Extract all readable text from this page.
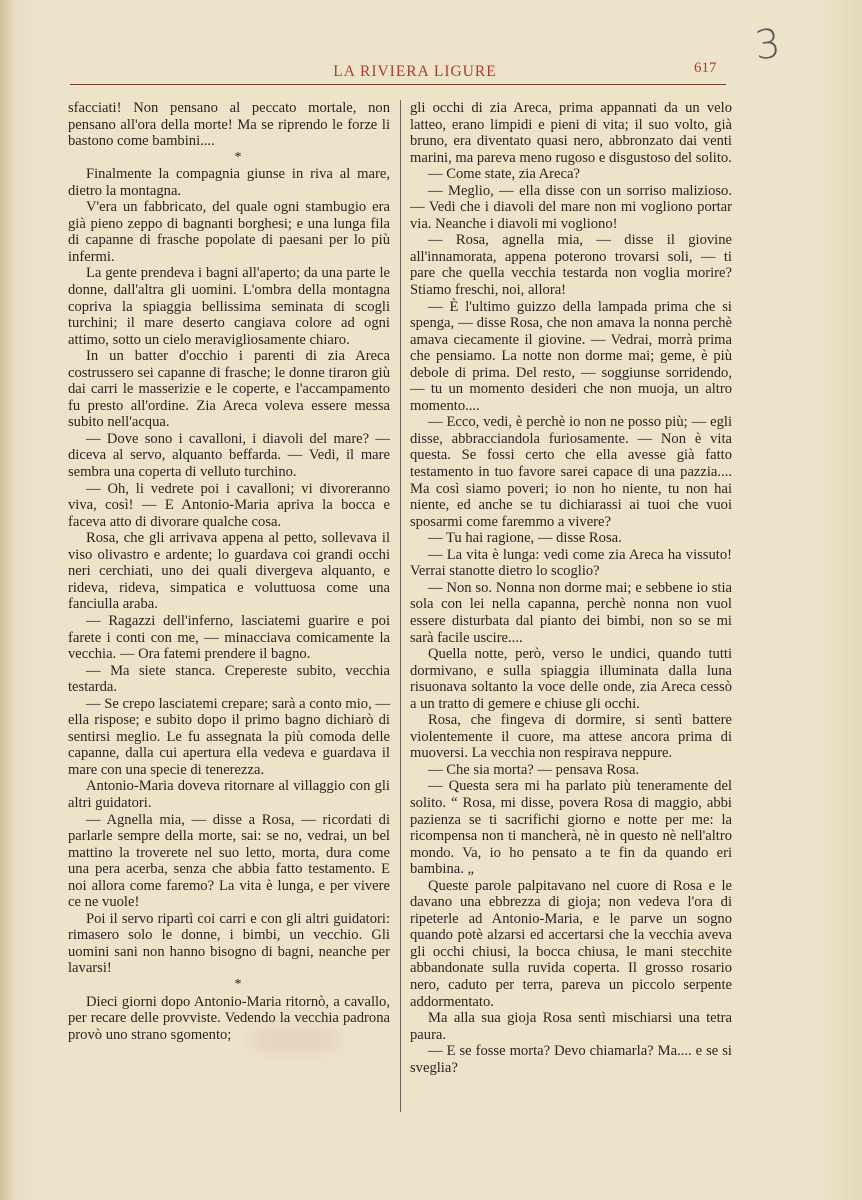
3
LA RIVIERA LIGURE	617

sfacciati! Non pensano al peccato mortale, non pensano all'ora della morte! Ma se riprendo le forze li bastono come bambini....

*

Finalmente la compagnia giunse in riva al mare, dietro la montagna.

V'era un fabbricato, del quale ogni stambugio era già pieno zeppo di bagnanti borghesi; e una lunga fila di capanne di frasche popolate di paesani per lo più infermi.

La gente prendeva i bagni all'aperto; da una parte le donne, dall'altra gli uomini. L'ombra della montagna copriva la spiaggia bellissima seminata di scogli turchini; il mare deserto cangiava colore ad ogni attimo, sotto un cielo meravigliosamente chiaro.

In un batter d'occhio i parenti di zia Areca costrussero sei capanne di frasche; le donne tiraron giù dai carri le masserizie e le coperte, e l'accampamento fu presto all'ordine. Zia Areca voleva essere messa subito nell'acqua.

— Dove sono i cavalloni, i diavoli del mare? — diceva al servo, alquanto beffarda. — Vedi, il mare sembra una coperta di velluto turchino.

— Oh, li vedrete poi i cavalloni; vi divoreranno viva, così! — E Antonio-Maria apriva la bocca e faceva atto di divorare qualche cosa.

Rosa, che gli arrivava appena al petto, sollevava il viso olivastro e ardente; lo guardava coi grandi occhi neri cerchiati, uno dei quali divergeva alquanto, e rideva, rideva, simpatica e voluttuosa come una fanciulla araba.

— Ragazzi dell'inferno, lasciatemi guarire e poi farete i conti con me, — minacciava comicamente la vecchia. — Ora fatemi prendere il bagno.

— Ma siete stanca. Crepereste subito, vecchia testarda.

— Se crepo lasciatemi crepare; sarà a conto mio, — ella rispose; e subito dopo il primo bagno dichiarò di sentirsi meglio. Le fu assegnata la più comoda delle capanne, dalla cui apertura ella vedeva e guardava il mare con una specie di tenerezza.

Antonio-Maria doveva ritornare al villaggio con gli altri guidatori.

— Agnella mia, — disse a Rosa, — ricordati di parlarle sempre della morte, sai: se no, vedrai, un bel mattino la troverete nel suo letto, morta, dura come una pera acerba, senza che abbia fatto testamento. E noi allora come faremo? La vita è lunga, e per vivere ce ne vuole!

Poi il servo ripartì coi carri e con gli altri guidatori: rimasero solo le donne, i bimbi, un vecchio. Gli uomini sani non hanno bisogno di bagni, neanche per lavarsi!

*

Dieci giorni dopo Antonio-Maria ritornò, a cavallo, per recare delle provviste. Vedendo la vecchia padrona provò uno strano sgomento;

gli occhi di zia Areca, prima appannati da un velo latteo, erano limpidi e pieni di vita; il suo volto, già bruno, era diventato quasi nero, abbronzato dai venti marini, ma pareva meno rugoso e disgustoso del solito.

— Come state, zia Areca?

— Meglio, — ella disse con un sorriso malizioso. — Vedi che i diavoli del mare non mi vogliono portar via. Neanche i diavoli mi vogliono!

— Rosa, agnella mia, — disse il giovine all'innamorata, appena poterono trovarsi soli, — ti pare che quella vecchia testarda non voglia morire? Stiamo freschi, noi, allora!

— È l'ultimo guizzo della lampada prima che si spenga, — disse Rosa, che non amava la nonna perchè amava ciecamente il giovine. — Vedrai, morrà prima che pensiamo. La notte non dorme mai; geme, è più debole di prima. Del resto, — soggiunse sorridendo, — tu un momento desideri che non muoja, un altro momento....

— Ecco, vedi, è perchè io non ne posso più; — egli disse, abbracciandola furiosamente. — Non è vita questa. Se fossi certo che ella avesse già fatto testamento in tuo favore sarei capace di una pazzia.... Ma così siamo poveri; io non ho niente, tu non hai niente, ed anche se tu dichiarassi ai tuoi che vuoi sposarmi come faremmo a vivere?

— Tu hai ragione, — disse Rosa.

— La vita è lunga: vedi come zia Areca ha vissuto! Verrai stanotte dietro lo scoglio?

— Non so. Nonna non dorme mai; e sebbene io stia sola con lei nella capanna, perchè nonna non vuol essere disturbata dal pianto dei bimbi, non so se mi sarà facile uscire....

Quella notte, però, verso le undici, quando tutti dormivano, e sulla spiaggia illuminata dalla luna risuonava soltanto la voce delle onde, zia Areca cessò a un tratto di gemere e chiuse gli occhi.

Rosa, che fingeva di dormire, si sentì battere violentemente il cuore, ma attese ancora prima di muoversi. La vecchia non respirava neppure.

— Che sia morta? — pensava Rosa.

— Questa sera mi ha parlato più teneramente del solito. “ Rosa, mi disse, povera Rosa di maggio, abbi pazienza se ti sacrifichi giorno e notte per me: la ricompensa non ti mancherà, nè in questo nè nell'altro mondo. Va, io ho pensato a te fin da quando eri bambina. „

Queste parole palpitavano nel cuore di Rosa e le davano una ebbrezza di gioja; non vedeva l'ora di ripeterle ad Antonio-Maria, e le parve un sogno quando potè alzarsi ed accertarsi che la vecchia aveva gli occhi chiusi, la bocca chiusa, le mani stecchite abbandonate sulla ruvida coperta. Il grosso rosario nero, caduto per terra, pareva un piccolo serpente addormentato.

Ma alla sua gioja Rosa sentì mischiarsi una tetra paura.

— E se fosse morta? Devo chiamarla? Ma.... e se si sveglia?
